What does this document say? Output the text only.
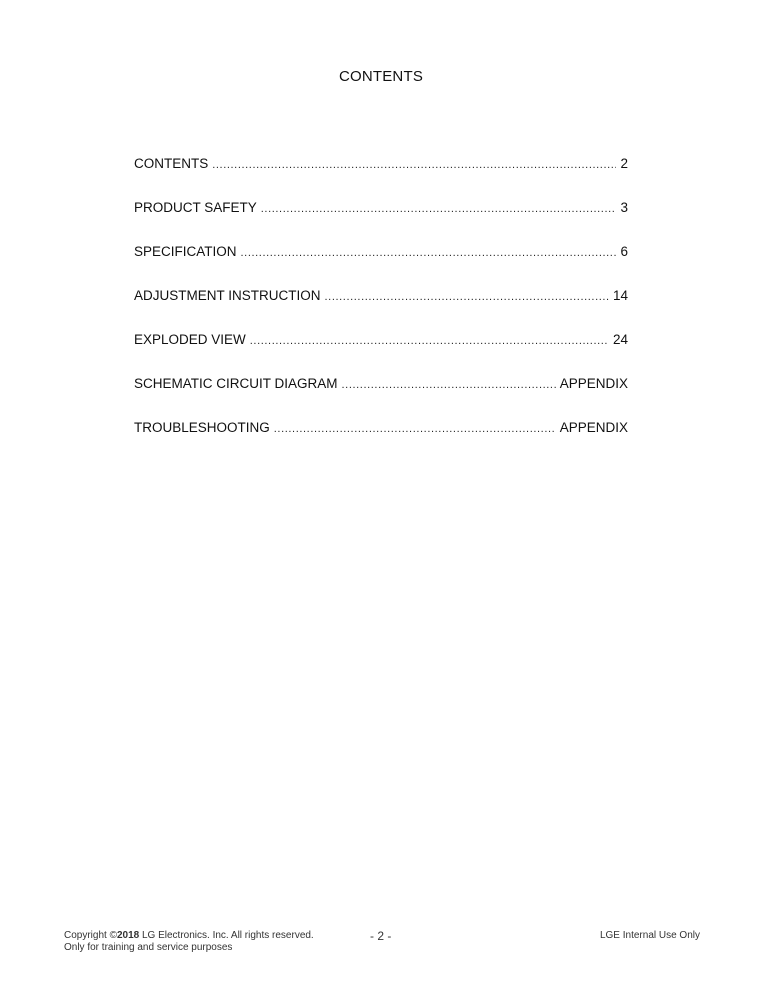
CONTENTS
CONTENTS .....	2
PRODUCT SAFETY .....	3
SPECIFICATION .....	6
ADJUSTMENT INSTRUCTION .....	14
EXPLODED VIEW .....	24
SCHEMATIC CIRCUIT DIAGRAM .....	APPENDIX
TROUBLESHOOTING .....	APPENDIX
Copyright ©2018 LG Electronics. Inc. All rights reserved.
Only for training and service purposes
- 2 -	LGE Internal Use Only
